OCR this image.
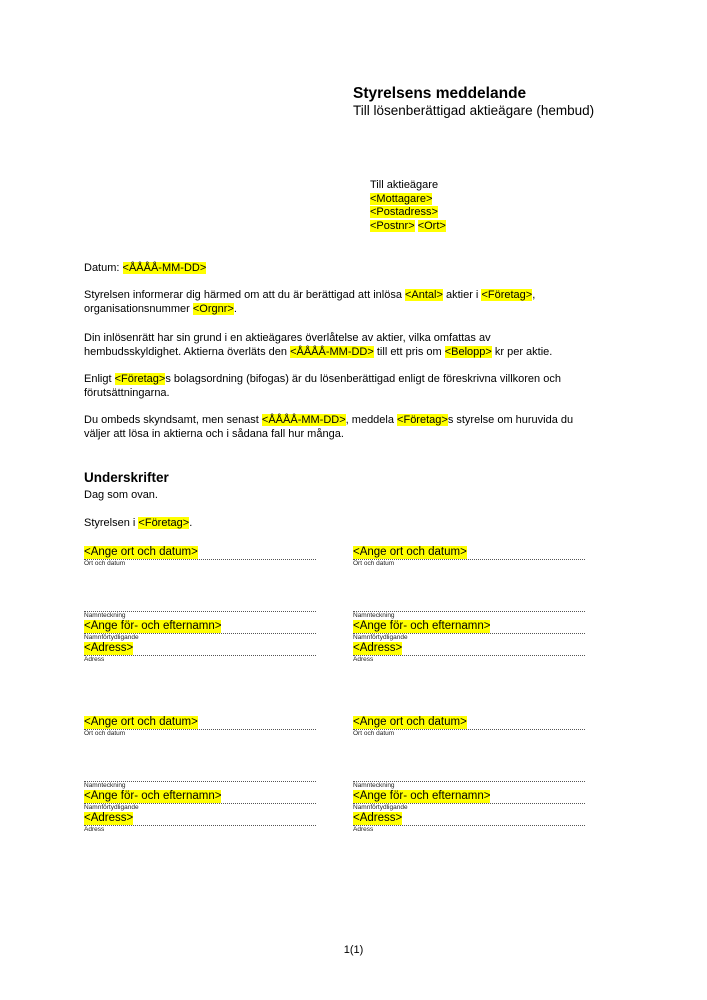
Styrelsens meddelande
Till lösenberättigad aktieägare (hembud)
Till aktieägare
<Mottagare>
<Postadress>
<Postnr> <Ort>
Datum: <ÅÅÅÅ-MM-DD>
Styrelsen informerar dig härmed om att du är berättigad att inlösa <Antal> aktier i <Företag>,
organisationsnummer <Orgnr>.
Din inlösenrätt har sin grund i en aktieägares överlåtelse av aktier, vilka omfattas av
hembudsskyldighet. Aktierna överläts den <ÅÅÅÅ-MM-DD> till ett pris om <Belopp> kr per aktie.
Enligt <Företag>s bolagsordning (bifogas) är du lösenberättigad enligt de föreskrivna villkoren och
förutsättningarna.
Du ombeds skyndsamt, men senast <ÅÅÅÅ-MM-DD>, meddela <Företag>s styrelse om huruvida du
väljer att lösa in aktierna och i sådana fall hur många.
Underskrifter
Dag som ovan.
Styrelsen i <Företag>.
<Ange ort och datum>
Ort och datum
Namnteckning
<Ange för- och efternamn>
Namnförtydligande
<Adress>
Adress
<Ange ort och datum>
Ort och datum
Namnteckning
<Ange för- och efternamn>
Namnförtydligande
<Adress>
Adress
<Ange ort och datum>
Ort och datum
Namnteckning
<Ange för- och efternamn>
Namnförtydligande
<Adress>
Adress
<Ange ort och datum>
Ort och datum
Namnteckning
<Ange för- och efternamn>
Namnförtydligande
<Adress>
Adress
1(1)
